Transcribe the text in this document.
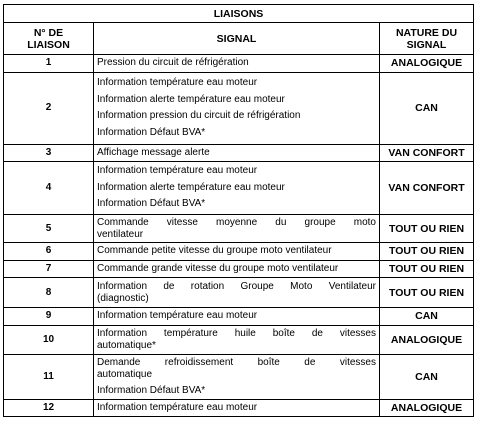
LIAISONS		
N° DE
LIAISON	SIGNAL	NATURE DU
SIGNAL
1	Pression du circuit de réfrigération	ANALOGIQUE
2	Information température eau moteur
Information alerte température eau moteur
Information pression du circuit de réfrigération
Information Défaut BVA*	CAN
3	Affichage message alerte	VAN CONFORT
4	Information température eau moteur
Information alerte température eau moteur
Information Défaut BVA*	VAN CONFORT
5	Commande vitesse moyenne du groupe moto
ventilateur	TOUT OU RIEN
6	Commande petite vitesse du groupe moto ventilateur	TOUT OU RIEN
7	Commande grande vitesse du groupe moto ventilateur	TOUT OU RIEN
8	Information de rotation Groupe Moto Ventilateur
(diagnostic)	TOUT OU RIEN
9	Information température eau moteur	CAN
10	Information température huile boîte de vitesses
automatique*	ANALOGIQUE
11	Demande refroidissement boîte de vitesses
automatique
Information Défaut BVA*	CAN
12	Information température eau moteur	ANALOGIQUE
